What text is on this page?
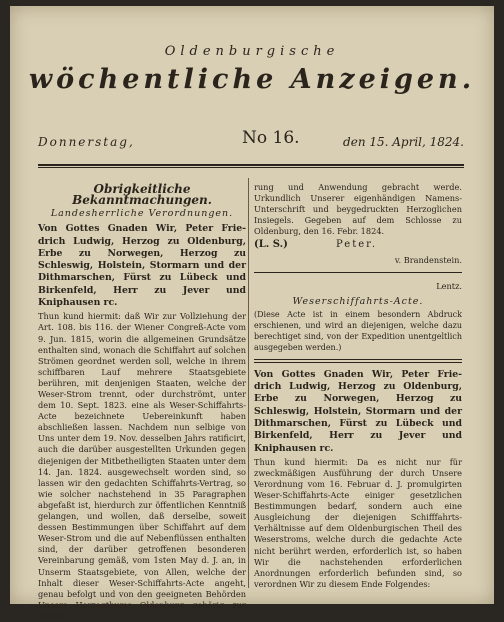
Oldenburgische
wöchentliche Anzeigen.
Donnerstag,	No 16.	den 15. April, 1824.
Obrigkeitliche Bekanntmachungen.
Landesherrliche Verordnungen.

Von Gottes Gnaden Wir, Peter Frie-drich Ludwig, Herzog zu Oldenburg, Erbe zu Norwegen, Herzog zu Schleswig, Holstein, Stormarn und der Dithmarschen, Fürst zu Lübeck und Birkenfeld, Herr zu Jever und Kniphausen rc.

Thun kund hiermit: daß Wir zur Vollziehung der Art. 108. bis 116. der Wiener Congreß-Acte vom 9. Jun. 1815, worin die allgemeinen Grundsätze enthalten sind, wonach die Schiffahrt auf solchen Strömen geordnet werden soll, welche in ihrem schiffbaren Lauf mehrere Staatsgebiete berühren, mit denjenigen Staaten, welche der Weser-Strom trennt, oder durchströmt, unter dem 10. Sept. 1823. eine als Weser-Schiffahrts-Acte bezeichnete Uebereinkunft haben abschließen lassen. Nachdem nun selbige von Uns unter dem 19. Nov. desselben Jahrs ratificirt, auch die darüber ausgestellten Urkunden gegen diejenigen der Mitbetheiligten Staaten unter dem 14. Jan. 1824. ausgewechselt worden sind, so lassen wir den gedachten Schiffahrts-Vertrag, so wie solcher nachstehend in 35 Paragraphen abgefaßt ist, hierdurch zur öffentlichen Kenntniß gelangen, und wollen, daß derselbe, soweit dessen Bestimmungen über Schiffahrt auf dem Weser-Strom und die auf Nebenflüssen enthalten sind, der darüber getroffenen besonderen Vereinbarung gemäß, vom 1sten May d. J. an, in Unserm Staatsgebiete, von Allen, welche der Inhalt dieser Weser-Schiffahrts-Acte angeht, genau befolgt und von den geeigneten Behörden Unsers Herzogthums Oldenburg gehörig zur Ausfüh-

rung und Anwendung gebracht werde. Urkundlich Unserer eigenhändigen Namens-Unterschrift und beygedruckten Herzoglichen Insiegels. Gegeben auf dem Schlosse zu Oldenburg, den 16. Febr. 1824.

(L. S.)	Peter.

v. Brandenstein.

Lentz.

Weserschiffahrts-Acte.

(Diese Acte ist in einem besondern Abdruck erschienen, und wird an diejenigen, welche dazu berechtiget sind, von der Expedition unentgeltlich ausgegeben werden.)

Von Gottes Gnaden Wir, Peter Frie-drich Ludwig, Herzog zu Oldenburg, Erbe zu Norwegen, Herzog zu Schleswig, Holstein, Stormarn und der Dithmarschen, Fürst zu Lübeck und Birkenfeld, Herr zu Jever und Kniphausen rc.

Thun kund hiermit: Da es nicht nur für zweckmäßigen Ausführung der durch Unsere Verordnung vom 16. Februar d. J. promulgirten Weser-Schiffahrts-Acte einiger gesetzlichen Bestimmungen bedarf, sondern auch eine Ausgleichung der diejenigen Schifffahrts-Verhältnisse auf dem Oldenburgischen Theil des Weserstroms, welche durch die gedachte Acte nicht berührt werden, erforderlich ist, so haben Wir die nachstehenden erforderlichen Anordnungen erforderlich befunden sind, so verordnen Wir zu diesem Ende Folgendes:
